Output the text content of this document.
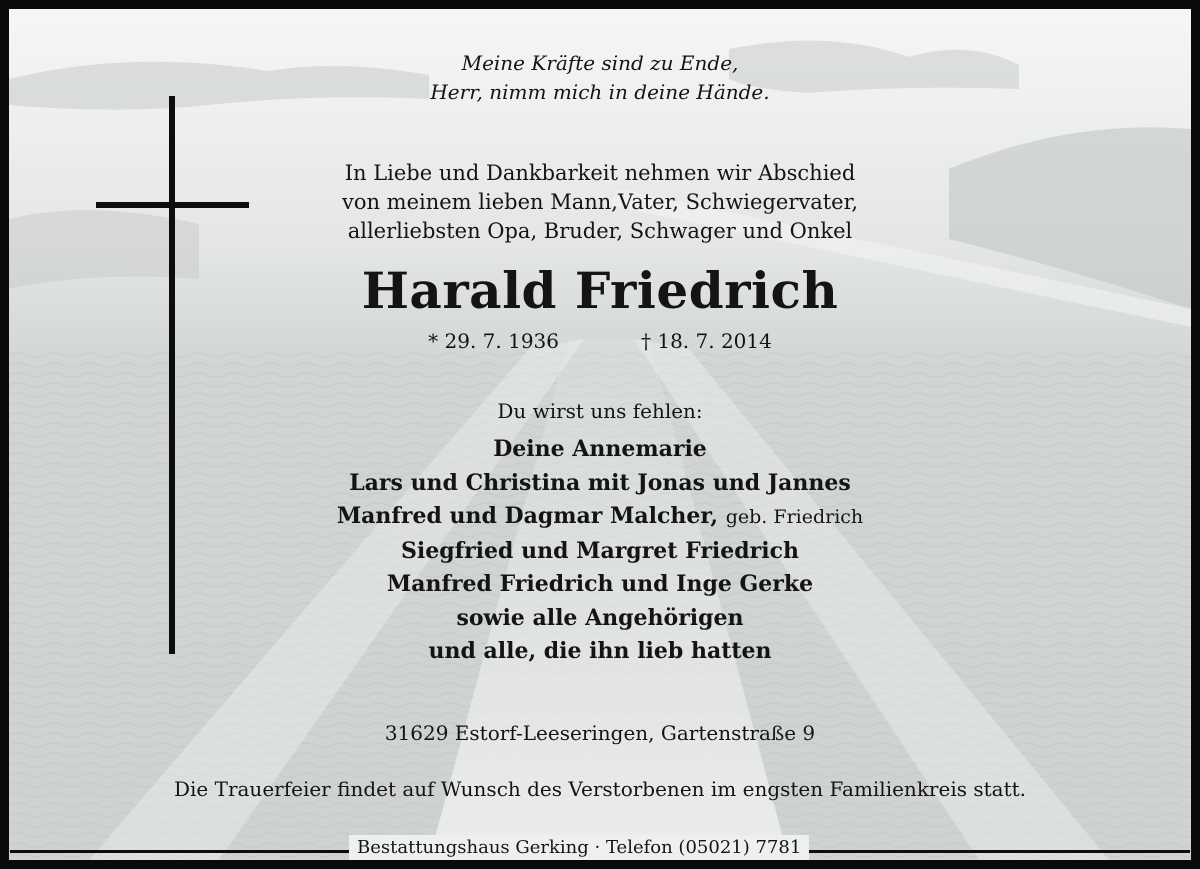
Meine Kräfte sind zu Ende,
Herr, nimm mich in deine Hände.
In Liebe und Dankbarkeit nehmen wir Abschied
von meinem lieben Mann,Vater, Schwiegervater,
allerliebsten Opa, Bruder, Schwager und Onkel
Harald Friedrich
* 29. 7. 1936	† 18. 7. 2014
Du wirst uns fehlen:
Deine Annemarie
Lars und Christina mit Jonas und Jannes
Manfred und Dagmar Malcher, geb. Friedrich
Siegfried und Margret Friedrich
Manfred Friedrich und Inge Gerke
sowie alle Angehörigen
und alle, die ihn lieb hatten
31629 Estorf-Leeseringen, Gartenstraße 9
Die Trauerfeier findet auf Wunsch des Verstorbenen im engsten Familienkreis statt.
Bestattungshaus Gerking · Telefon (05021) 7781
